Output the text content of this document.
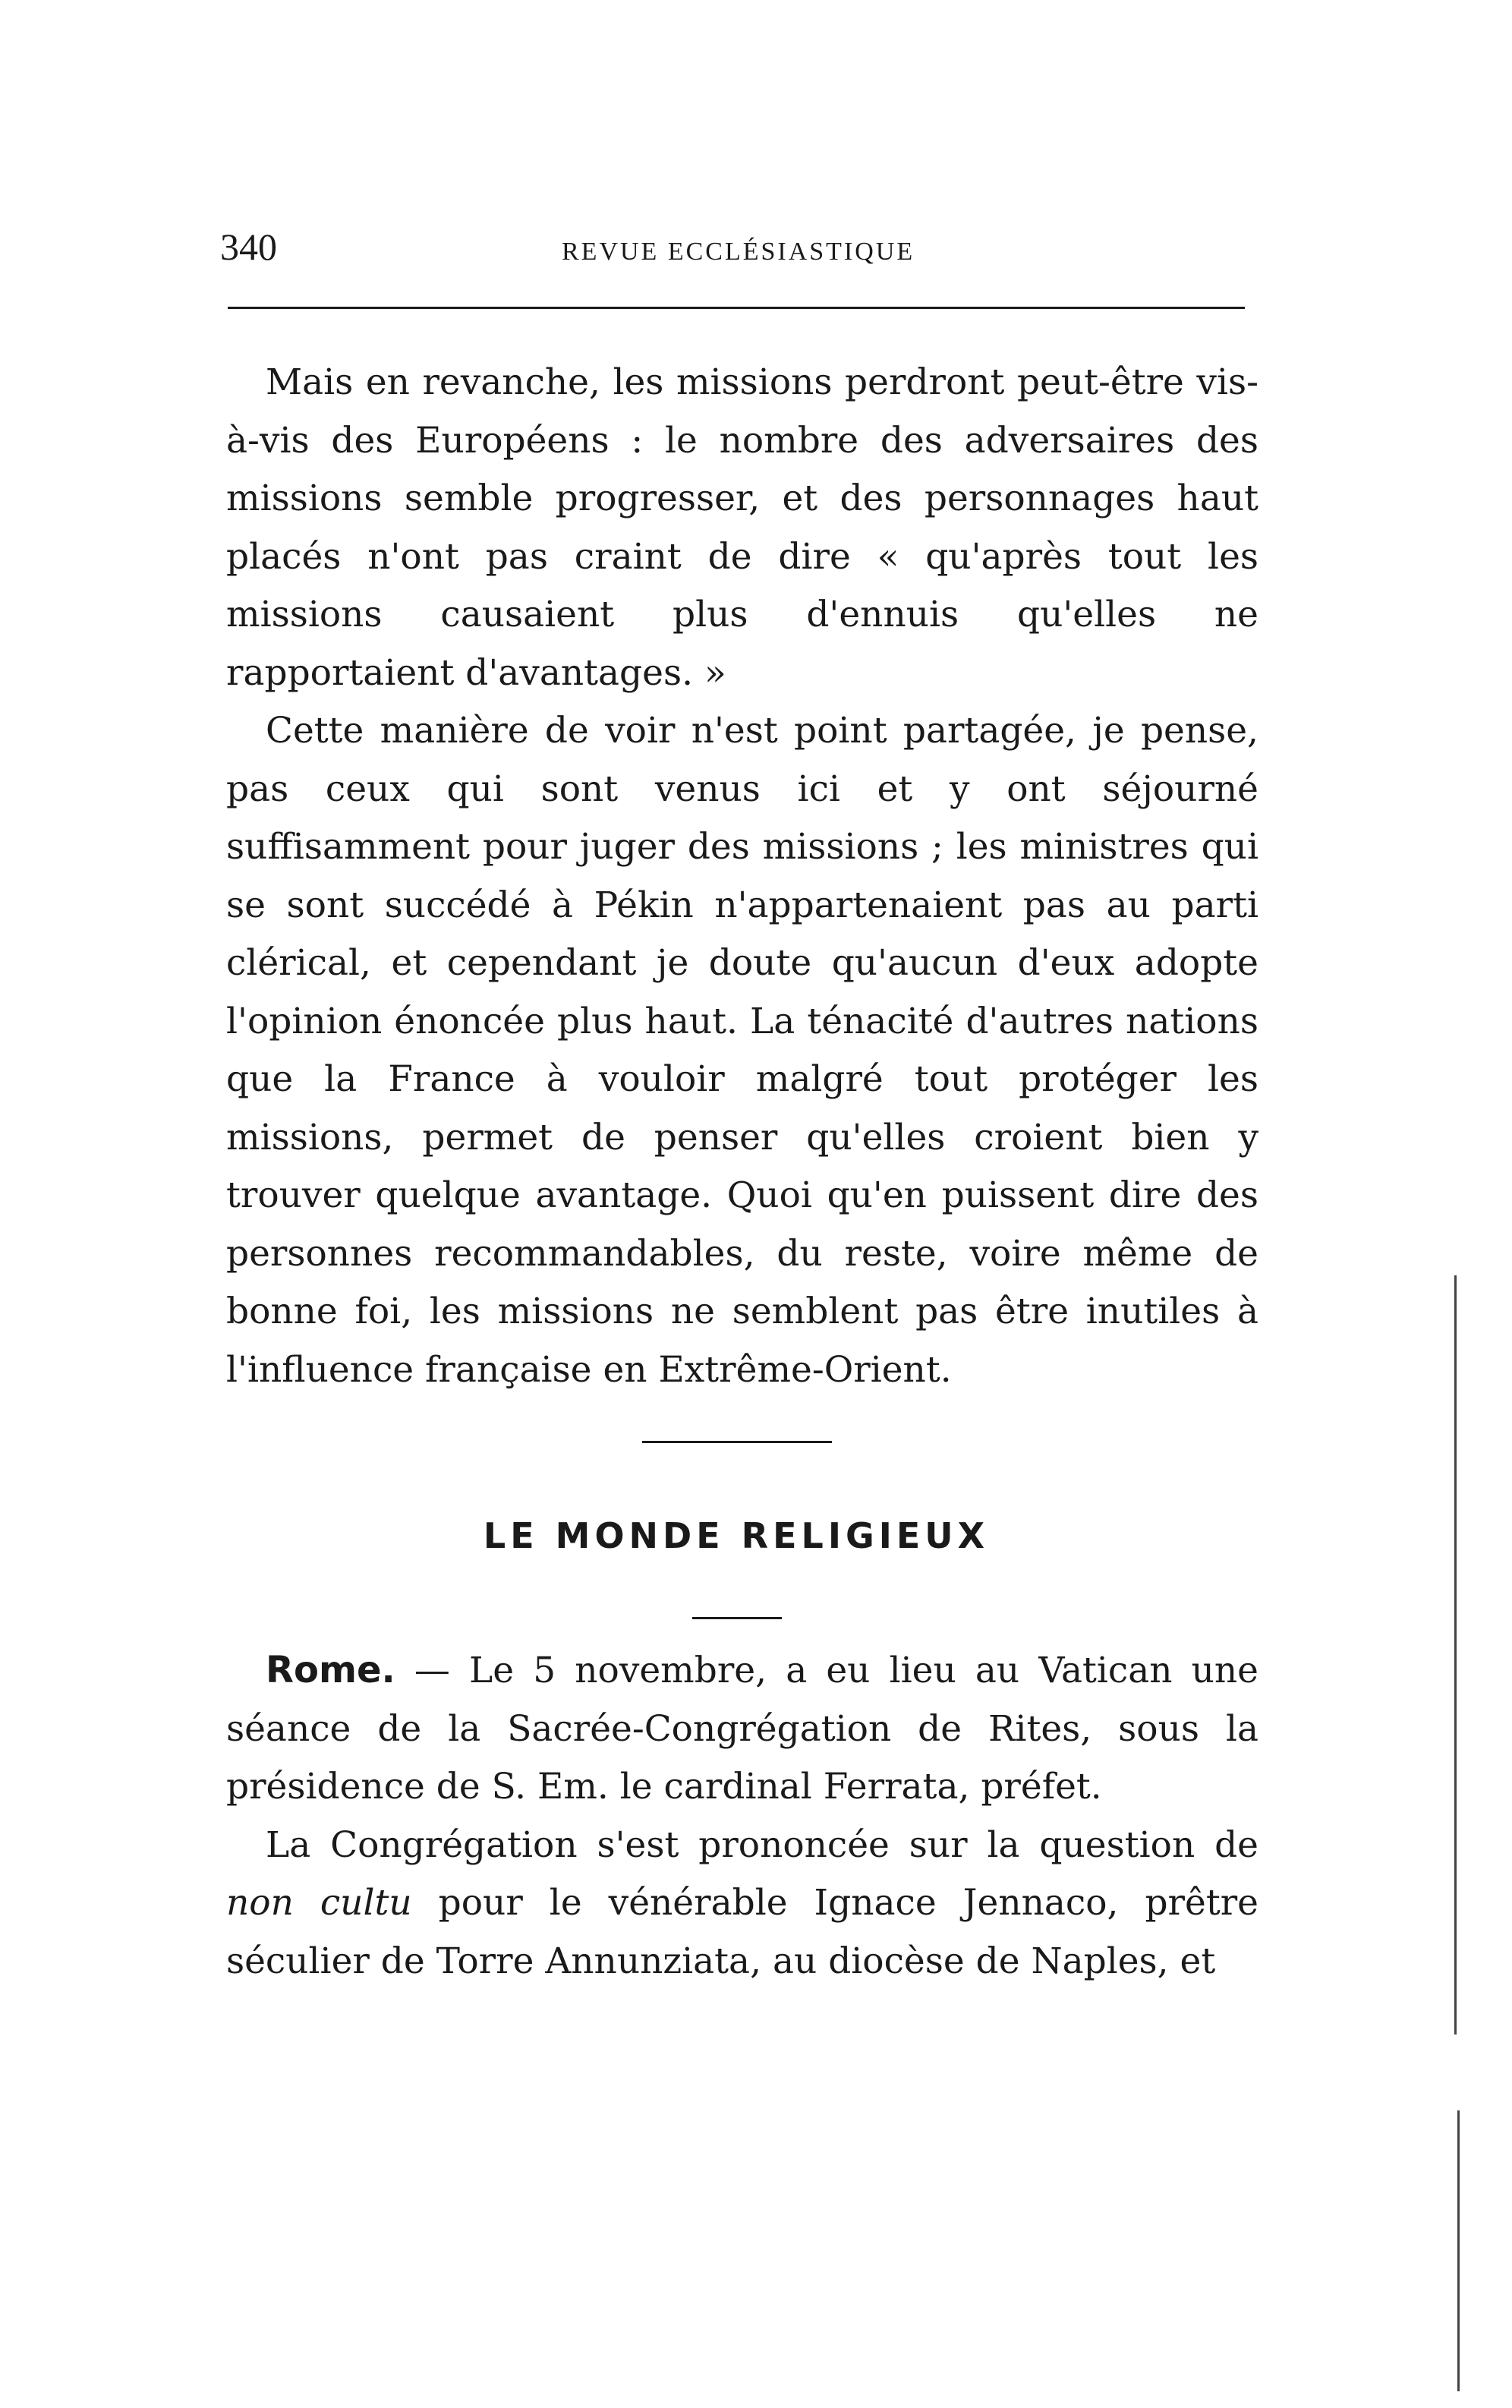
340	REVUE ECCLÉSIASTIQUE

Mais en revanche, les missions perdront peut-être vis-à-vis des Européens : le nombre des adversaires des missions semble progresser, et des personnages haut placés n'ont pas craint de dire « qu'après tout les missions causaient plus d'ennuis qu'elles ne rapportaient d'avantages. »

Cette manière de voir n'est point partagée, je pense, pas ceux qui sont venus ici et y ont séjourné suffisamment pour juger des missions ; les ministres qui se sont succédé à Pékin n'appartenaient pas au parti clérical, et cependant je doute qu'aucun d'eux adopte l'opinion énoncée plus haut. La ténacité d'autres nations que la France à vouloir malgré tout protéger les missions, permet de penser qu'elles croient bien y trouver quelque avantage. Quoi qu'en puissent dire des personnes recommandables, du reste, voire même de bonne foi, les missions ne semblent pas être inutiles à l'influence française en Extrême-Orient.

LE MONDE RELIGIEUX

Rome. — Le 5 novembre, a eu lieu au Vatican une séance de la Sacrée-Congrégation de Rites, sous la présidence de S. Em. le cardinal Ferrata, préfet.

La Congrégation s'est prononcée sur la question de non cultu pour le vénérable Ignace Jennaco, prêtre séculier de Torre Annunziata, au diocèse de Naples, et
